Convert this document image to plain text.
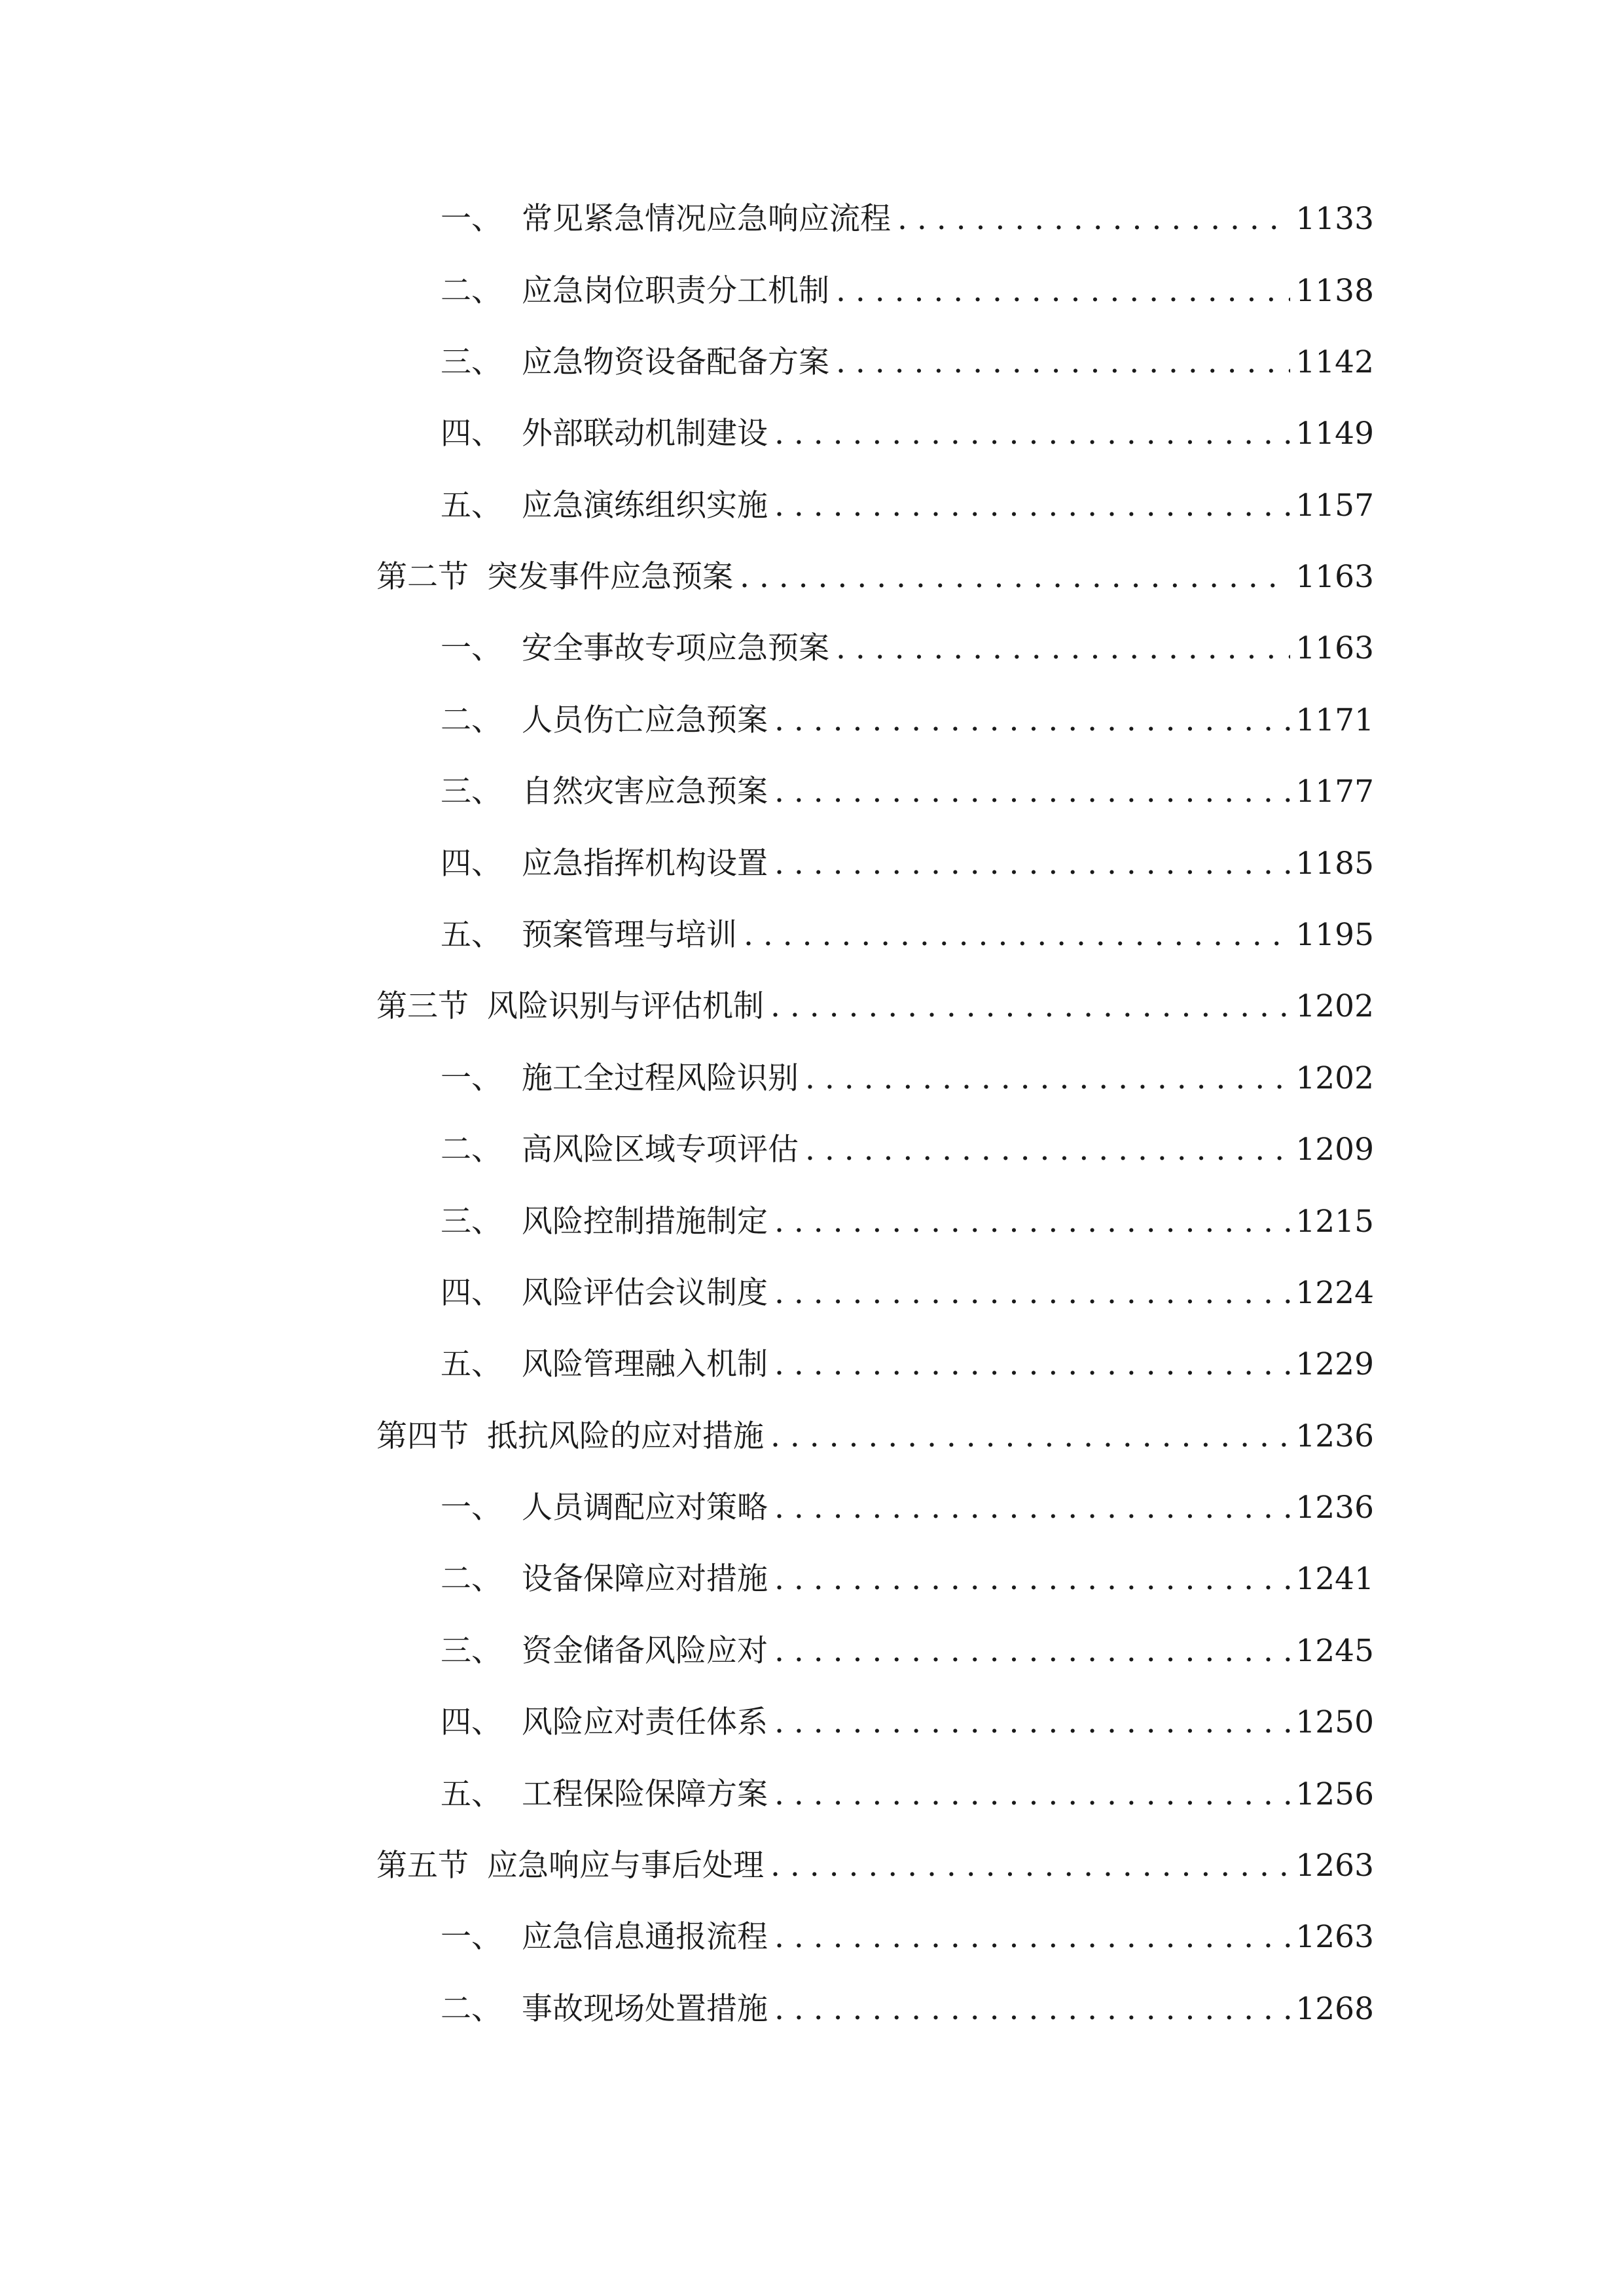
一、 常见紧急情况应急响应流程 . . .	1133
二、 应急岗位职责分工机制 . . .	1138
三、 应急物资设备配备方案 . . .	1142
四、 外部联动机制建设 . . .	1149
五、 应急演练组织实施 . . .	1157
第二节 突发事件应急预案 . . .	1163
一、 安全事故专项应急预案 . . .	1163
二、 人员伤亡应急预案 . . .	1171
三、 自然灾害应急预案 . . .	1177
四、 应急指挥机构设置 . . .	1185
五、 预案管理与培训 . . .	1195
第三节 风险识别与评估机制 . . .	1202
一、 施工全过程风险识别 . . .	1202
二、 高风险区域专项评估 . . .	1209
三、 风险控制措施制定 . . .	1215
四、 风险评估会议制度 . . .	1224
五、 风险管理融入机制 . . .	1229
第四节 抵抗风险的应对措施 . . .	1236
一、 人员调配应对策略 . . .	1236
二、 设备保障应对措施 . . .	1241
三、 资金储备风险应对 . . .	1245
四、 风险应对责任体系 . . .	1250
五、 工程保险保障方案 . . .	1256
第五节 应急响应与事后处理 . . .	1263
一、 应急信息通报流程 . . .	1263
二、 事故现场处置措施 . . .	1268
